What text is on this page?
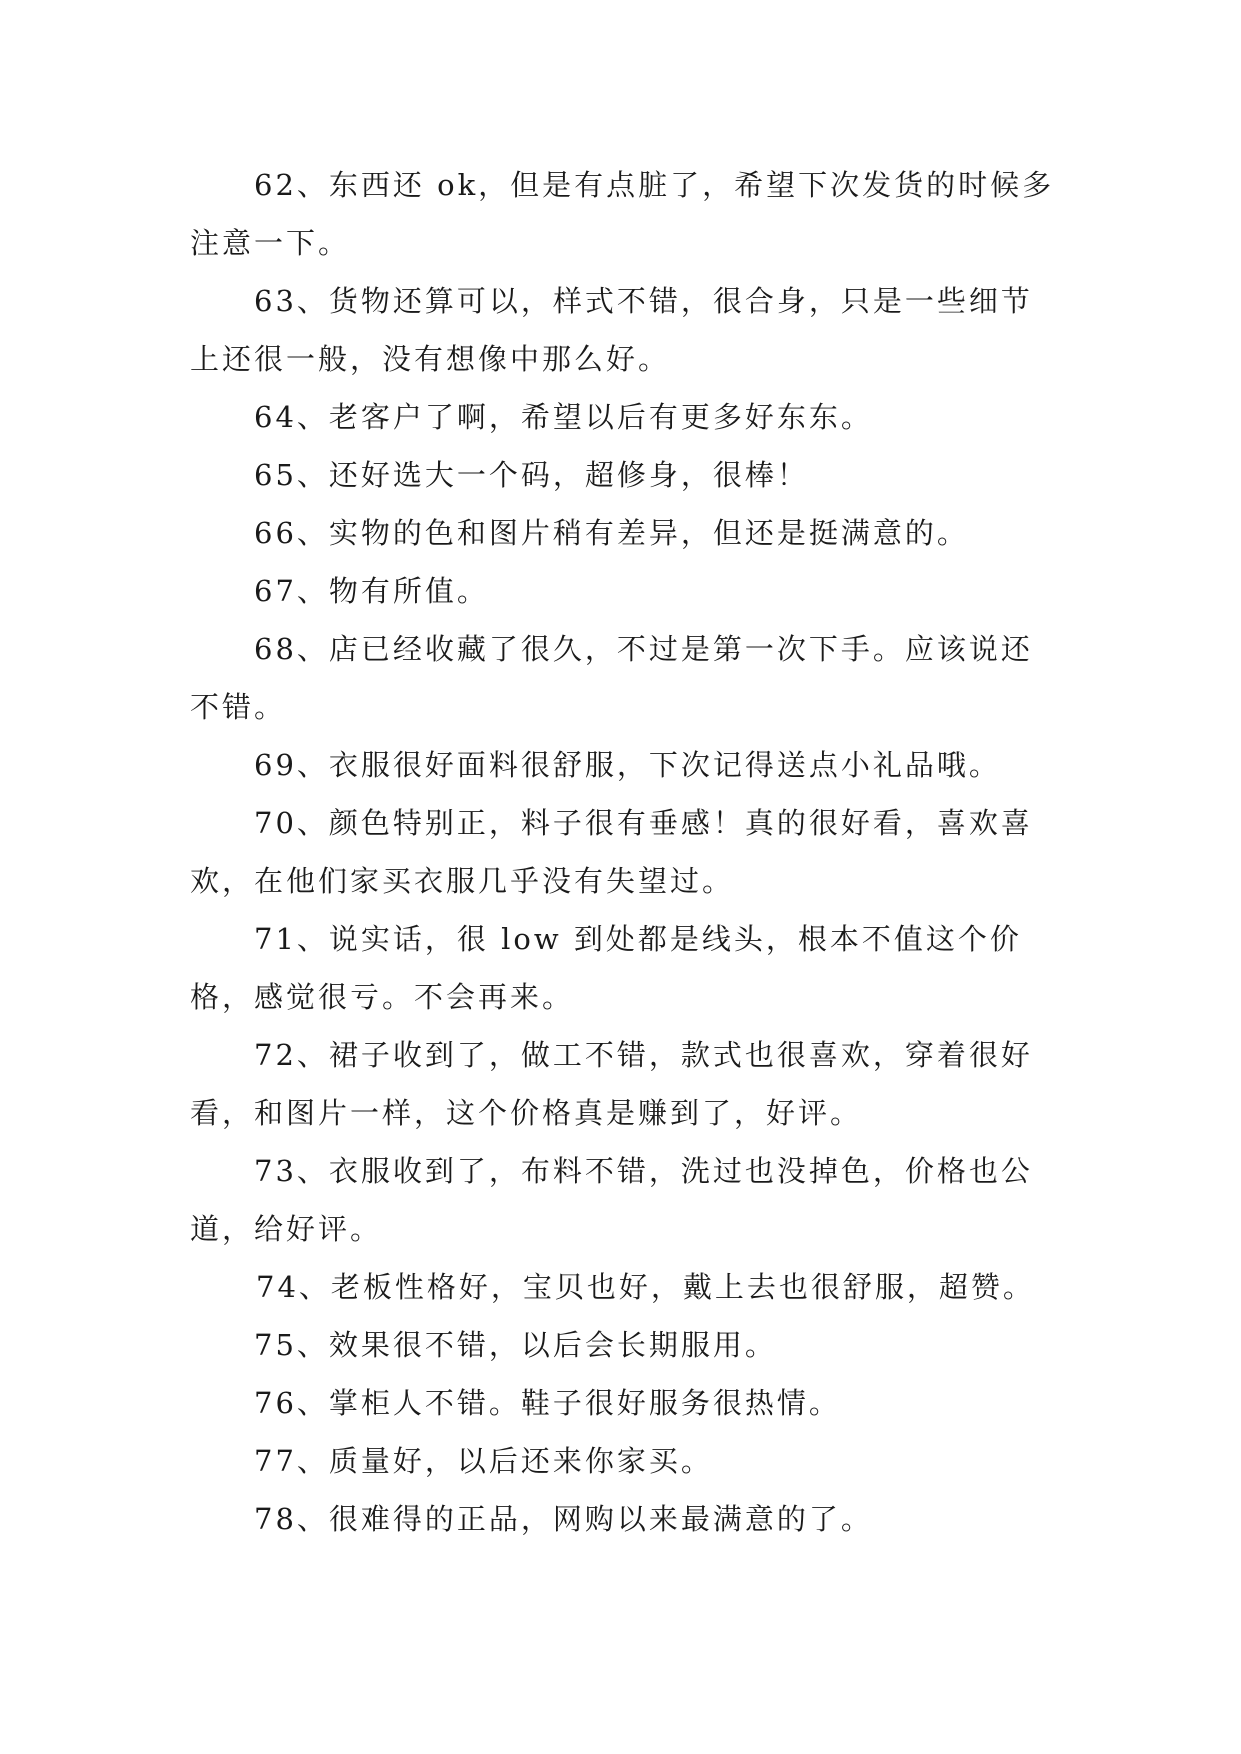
62、东西还 ok，但是有点脏了，希望下次发货的时候多注意一下。

63、货物还算可以，样式不错，很合身，只是一些细节上还很一般，没有想像中那么好。

64、老客户了啊，希望以后有更多好东东。

65、还好选大一个码，超修身，很棒！

66、实物的色和图片稍有差异，但还是挺满意的。

67、物有所值。

68、店已经收藏了很久，不过是第一次下手。应该说还不错。

69、衣服很好面料很舒服，下次记得送点小礼品哦。

70、颜色特别正，料子很有垂感！真的很好看，喜欢喜欢，在他们家买衣服几乎没有失望过。

71、说实话，很 low 到处都是线头，根本不值这个价格，感觉很亏。不会再来。

72、裙子收到了，做工不错，款式也很喜欢，穿着很好看，和图片一样，这个价格真是赚到了，好评。

73、衣服收到了，布料不错，洗过也没掉色，价格也公道，给好评。

74、老板性格好，宝贝也好，戴上去也很舒服，超赞。

75、效果很不错，以后会长期服用。

76、掌柜人不错。鞋子很好服务很热情。

77、质量好，以后还来你家买。

78、很难得的正品，网购以来最满意的了。
